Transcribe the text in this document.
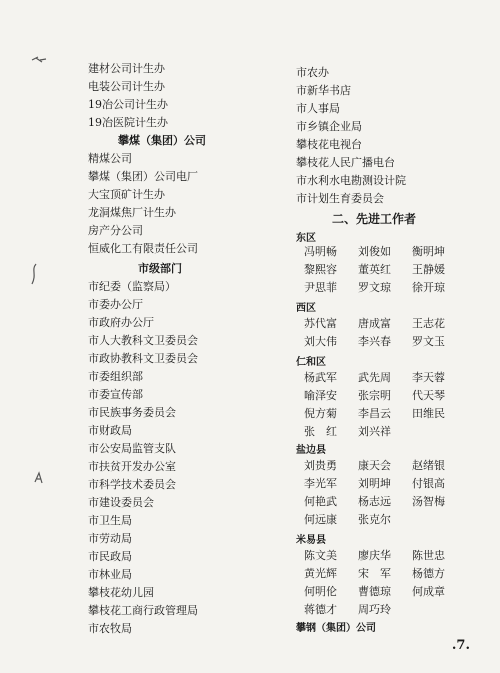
建材公司计生办
电装公司计生办
19冶公司计生办
19冶医院计生办
攀煤（集团）公司
精煤公司
攀煤（集团）公司电厂
大宝顶矿计生办
龙洞煤焦厂计生办
房产分公司
恒威化工有限责任公司
市级部门
市纪委（监察局）
市委办公厅
市政府办公厅
市人大教科文卫委员会
市政协教科文卫委员会
市委组织部
市委宣传部
市民族事务委员会
市财政局
市公安局监管支队
市扶贫开发办公室
市科学技术委员会
市建设委员会
市卫生局
市劳动局
市民政局
市林业局
攀枝花幼儿园
攀枝花工商行政管理局
市农牧局
市农办
市新华书店
市人事局
市乡镇企业局
攀枝花电视台
攀枝花人民广播电台
市水利水电勘测设计院
市计划生育委员会
二、先进工作者
东区
冯明畅 刘俊如 衡明坤
黎熙容 董英红 王静媛
尹思菲 罗文琼 徐开琼
西区
苏代富 唐成富 王志花
刘大伟 李兴春 罗文玉
仁和区
杨武军 武先周 李天蓉
喻泽安 张宗明 代天琴
倪方菊 李昌云 田维民
张　红 刘兴祥
盐边县
刘贵勇 康天会 赵绪银
李光军 刘明坤 付银高
何艳武 杨志远 汤智梅
何远康 张克尔
米易县
陈文美 廖庆华 陈世忠
黄光辉 宋　军 杨德方
何明伦 曹德琼 何成章
蒋德才 周巧玲
攀钢（集团）公司
.7.
